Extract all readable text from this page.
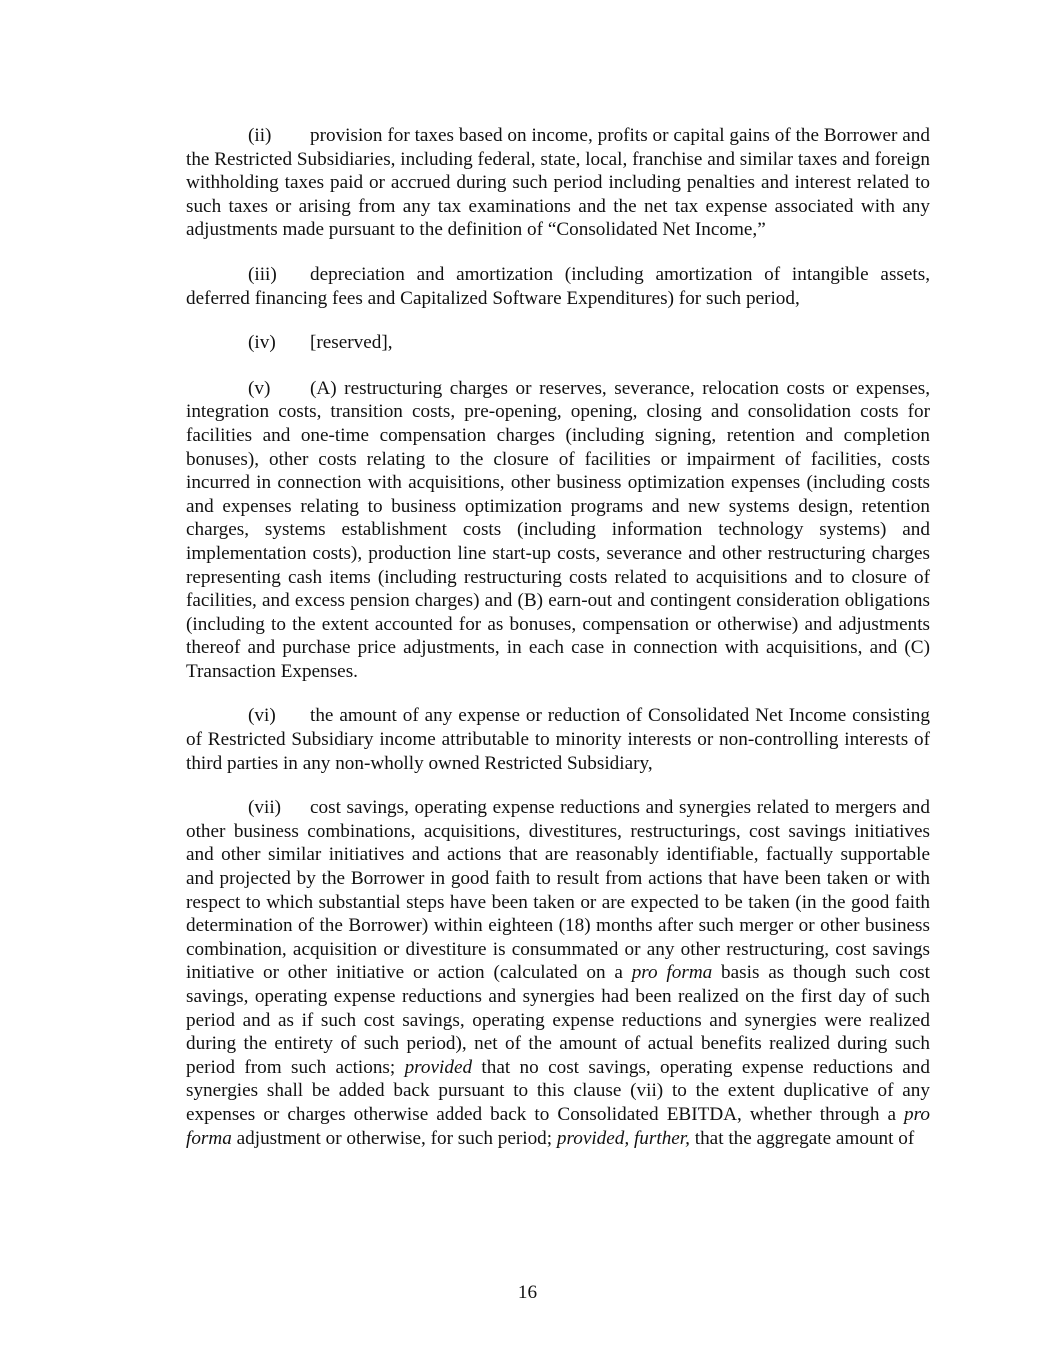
(ii) provision for taxes based on income, profits or capital gains of the Borrower and the Restricted Subsidiaries, including federal, state, local, franchise and similar taxes and foreign withholding taxes paid or accrued during such period including penalties and interest related to such taxes or arising from any tax examinations and the net tax expense associated with any adjustments made pursuant to the definition of “Consolidated Net Income,”

(iii) depreciation and amortization (including amortization of intangible assets, deferred financing fees and Capitalized Software Expenditures) for such period,

(iv) [reserved],

(v) (A) restructuring charges or reserves, severance, relocation costs or expenses, integration costs, transition costs, pre-opening, opening, closing and consolidation costs for facilities and one-time compensation charges (including signing, retention and completion bonuses), other costs relating to the closure of facilities or impairment of facilities, costs incurred in connection with acquisitions, other business optimization expenses (including costs and expenses relating to business optimization programs and new systems design, retention charges, systems establishment costs (including information technology systems) and implementation costs), production line start-up costs, severance and other restructuring charges representing cash items (including restructuring costs related to acquisitions and to closure of facilities, and excess pension charges) and (B) earn-out and contingent consideration obligations (including to the extent accounted for as bonuses, compensation or otherwise) and adjustments thereof and purchase price adjustments, in each case in connection with acquisitions, and (C) Transaction Expenses.

(vi) the amount of any expense or reduction of Consolidated Net Income consisting of Restricted Subsidiary income attributable to minority interests or non-controlling interests of third parties in any non-wholly owned Restricted Subsidiary,

(vii) cost savings, operating expense reductions and synergies related to mergers and other business combinations, acquisitions, divestitures, restructurings, cost savings initiatives and other similar initiatives and actions that are reasonably identifiable, factually supportable and projected by the Borrower in good faith to result from actions that have been taken or with respect to which substantial steps have been taken or are expected to be taken (in the good faith determination of the Borrower) within eighteen (18) months after such merger or other business combination, acquisition or divestiture is consummated or any other restructuring, cost savings initiative or other initiative or action (calculated on a pro forma basis as though such cost savings, operating expense reductions and synergies had been realized on the first day of such period and as if such cost savings, operating expense reductions and synergies were realized during the entirety of such period), net of the amount of actual benefits realized during such period from such actions; provided that no cost savings, operating expense reductions and synergies shall be added back pursuant to this clause (vii) to the extent duplicative of any expenses or charges otherwise added back to Consolidated EBITDA, whether through a pro forma adjustment or otherwise, for such period; provided, further, that the aggregate amount of

16
